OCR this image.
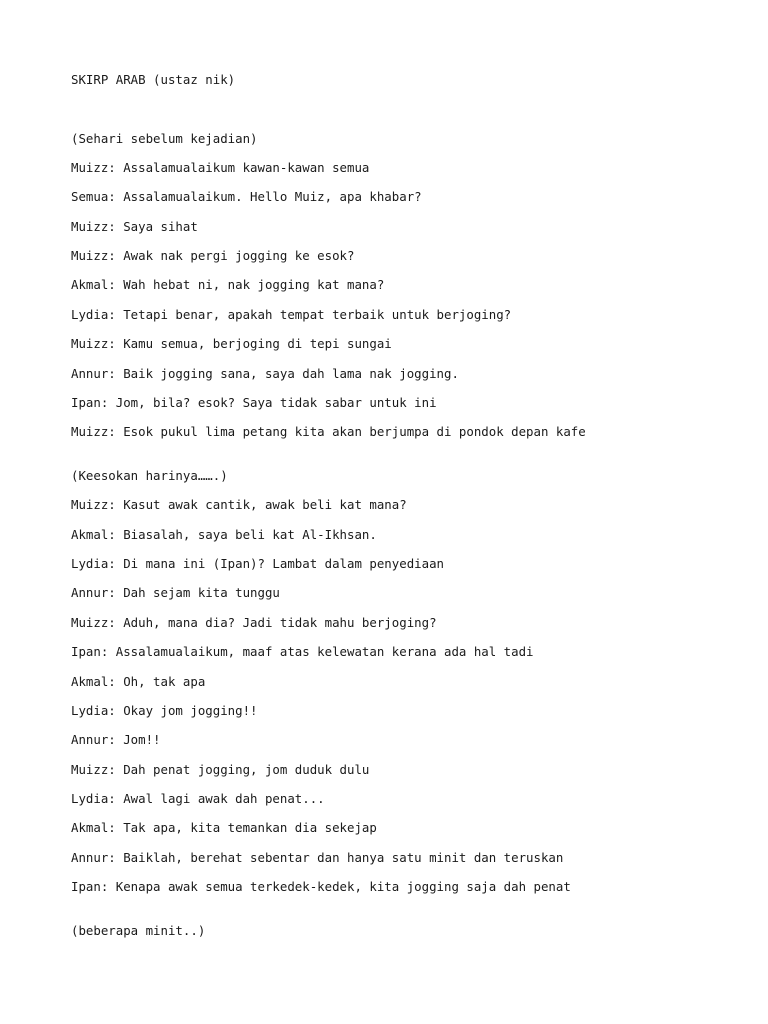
SKIRP ARAB (ustaz nik)

(Sehari sebelum kejadian)

Muizz: Assalamualaikum kawan-kawan semua

Semua: Assalamualaikum. Hello Muiz, apa khabar?

Muizz: Saya sihat

Muizz: Awak nak pergi jogging ke esok?

Akmal: Wah hebat ni, nak jogging kat mana?

Lydia: Tetapi benar, apakah tempat terbaik untuk berjoging?

Muizz: Kamu semua, berjoging di tepi sungai

Annur: Baik jogging sana, saya dah lama nak jogging.

Ipan: Jom, bila? esok? Saya tidak sabar untuk ini

Muizz: Esok pukul lima petang kita akan berjumpa di pondok depan kafe

(Keesokan harinya…….)

Muizz: Kasut awak cantik, awak beli kat mana?

Akmal: Biasalah, saya beli kat Al-Ikhsan.

Lydia: Di mana ini (Ipan)? Lambat dalam penyediaan

Annur: Dah sejam kita tunggu

Muizz: Aduh, mana dia? Jadi tidak mahu berjoging?

Ipan: Assalamualaikum, maaf atas kelewatan kerana ada hal tadi

Akmal: Oh, tak apa

Lydia: Okay jom jogging!!

Annur: Jom!!

Muizz: Dah penat jogging, jom duduk dulu

Lydia: Awal lagi awak dah penat...

Akmal: Tak apa, kita temankan dia sekejap

Annur: Baiklah, berehat sebentar dan hanya satu minit dan teruskan

Ipan: Kenapa awak semua terkedek-kedek, kita jogging saja dah penat

(beberapa minit..)
